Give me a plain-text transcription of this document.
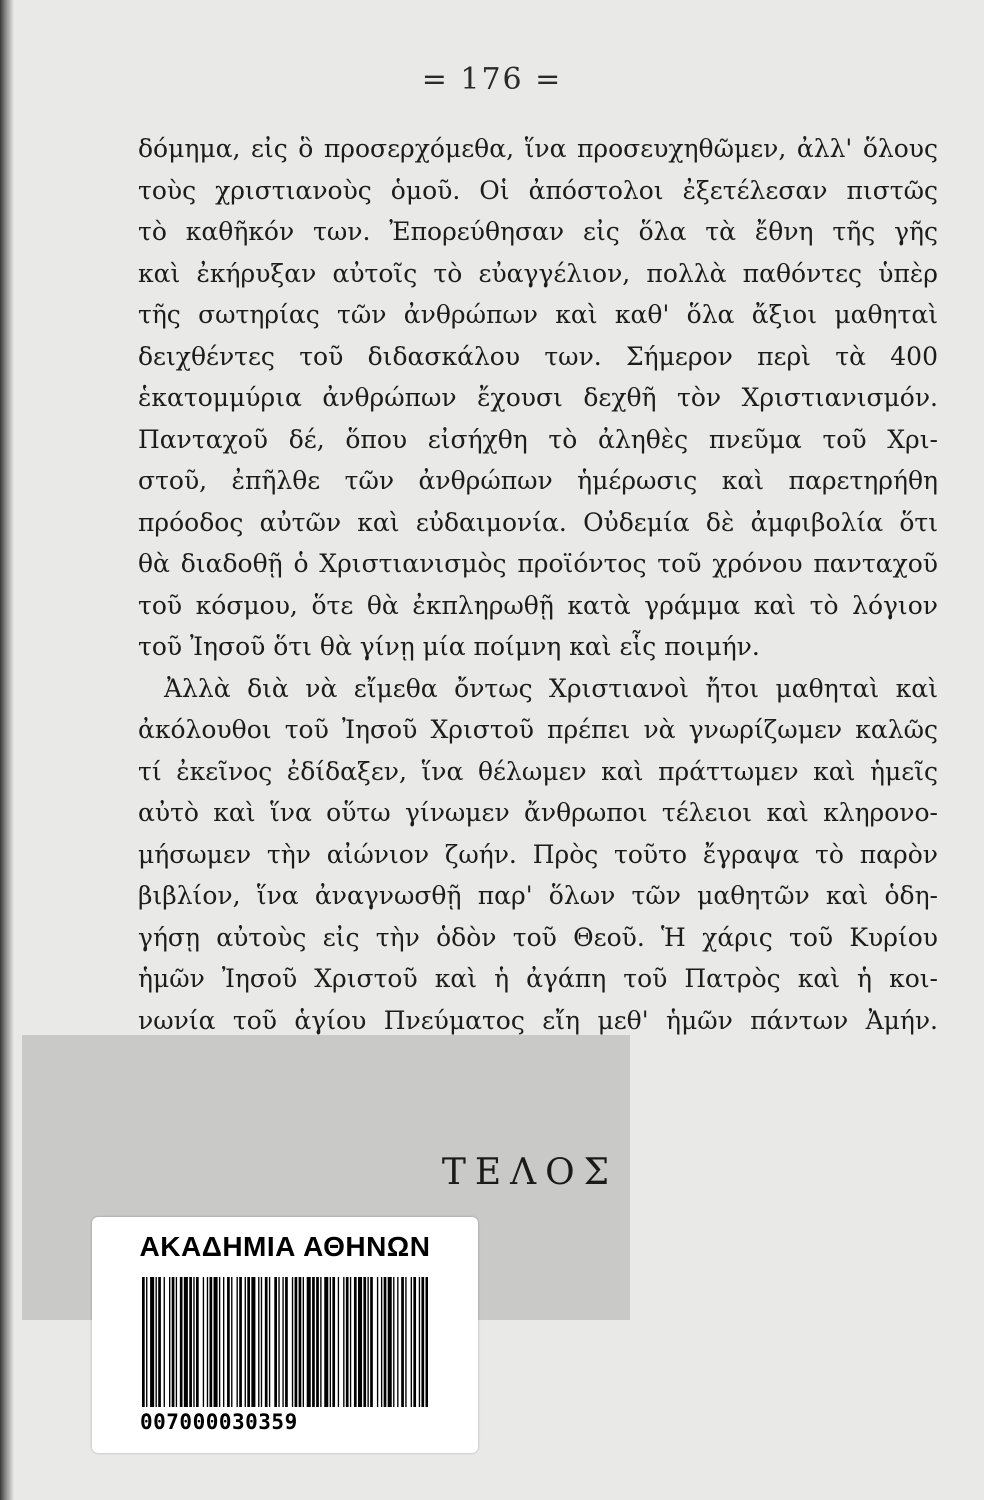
= 176 =
δόμημα, εἰς ὃ προσερχόμεθα, ἵνα προσευχηθῶμεν, ἀλλ' ὅλους
τοὺς χριστιανοὺς ὁμοῦ. Οἱ ἀπόστολοι ἐξετέλεσαν πιστῶς
τὸ καθῆκόν των. Ἐπορεύθησαν εἰς ὅλα τὰ ἔθνη τῆς γῆς
καὶ ἐκήρυξαν αὐτοῖς τὸ εὐαγγέλιον, πολλὰ παθόντες ὑπὲρ
τῆς σωτηρίας τῶν ἀνθρώπων καὶ καθ' ὅλα ἄξιοι μαθηταὶ
δειχθέντες τοῦ διδασκάλου των. Σήμερον περὶ τὰ 400
ἑκατομμύρια ἀνθρώπων ἔχουσι δεχθῆ τὸν Χριστιανισμόν.
Πανταχοῦ δέ, ὅπου εἰσήχθη τὸ ἀληθὲς πνεῦμα τοῦ Χρι-
στοῦ, ἐπῆλθε τῶν ἀνθρώπων ἡμέρωσις καὶ παρετηρήθη
πρόοδος αὐτῶν καὶ εὐδαιμονία. Οὐδεμία δὲ ἀμφιβολία ὅτι
θὰ διαδοθῇ ὁ Χριστιανισμὸς προϊόντος τοῦ χρόνου πανταχοῦ
τοῦ κόσμου, ὅτε θὰ ἐκπληρωθῇ κατὰ γράμμα καὶ τὸ λόγιον
τοῦ Ἰησοῦ ὅτι θὰ γίνῃ μία ποίμνη καὶ εἷς ποιμήν.
Ἀλλὰ διὰ νὰ εἴμεθα ὄντως Χριστιανοὶ ἤτοι μαθηταὶ καὶ
ἀκόλουθοι τοῦ Ἰησοῦ Χριστοῦ πρέπει νὰ γνωρίζωμεν καλῶς
τί ἐκεῖνος ἐδίδαξεν, ἵνα θέλωμεν καὶ πράττωμεν καὶ ἡμεῖς
αὐτὸ καὶ ἵνα οὕτω γίνωμεν ἄνθρωποι τέλειοι καὶ κληρονο-
μήσωμεν τὴν αἰώνιον ζωήν. Πρὸς τοῦτο ἔγραψα τὸ παρὸν
βιβλίον, ἵνα ἀναγνωσθῇ παρ' ὅλων τῶν μαθητῶν καὶ ὁδη-
γήσῃ αὐτοὺς εἰς τὴν ὁδὸν τοῦ Θεοῦ. Ἡ χάρις τοῦ Κυρίου
ἡμῶν Ἰησοῦ Χριστοῦ καὶ ἡ ἀγάπη τοῦ Πατρὸς καὶ ἡ κοι-
νωνία τοῦ ἁγίου Πνεύματος εἴη μεθ' ἡμῶν πάντων Ἀμήν.
ΤΕΛΟΣ
ΑΚΑΔΗΜΙΑ ΑΘΗΝΩΝ
007000030359
